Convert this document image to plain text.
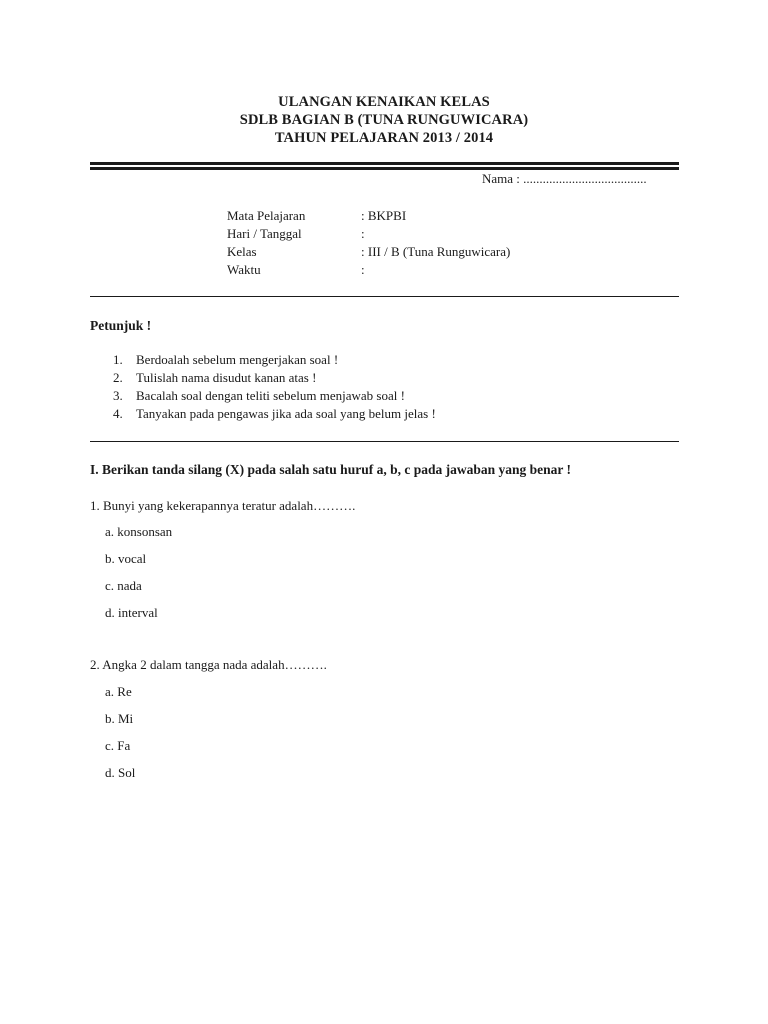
ULANGAN KENAIKAN KELAS
SDLB BAGIAN B (TUNA RUNGUWICARA)
TAHUN PELAJARAN 2013 / 2014
Nama : ......................................
Mata Pelajaran	: BKPBI
Hari / Tanggal	:
Kelas	: III / B (Tuna Runguwicara)
Waktu	:
Petunjuk !
1. Berdoalah sebelum mengerjakan soal !
2. Tulislah nama disudut kanan atas !
3. Bacalah soal dengan teliti sebelum menjawab soal !
4. Tanyakan pada pengawas jika ada soal yang belum jelas !
I. Berikan tanda silang (X) pada salah satu huruf a, b, c pada jawaban yang benar !
1. Bunyi yang kekerapannya teratur adalah……….
a. konsonsan
b. vocal
c. nada
d. interval
2. Angka 2 dalam tangga nada adalah……….
a. Re
b. Mi
c. Fa
d. Sol
